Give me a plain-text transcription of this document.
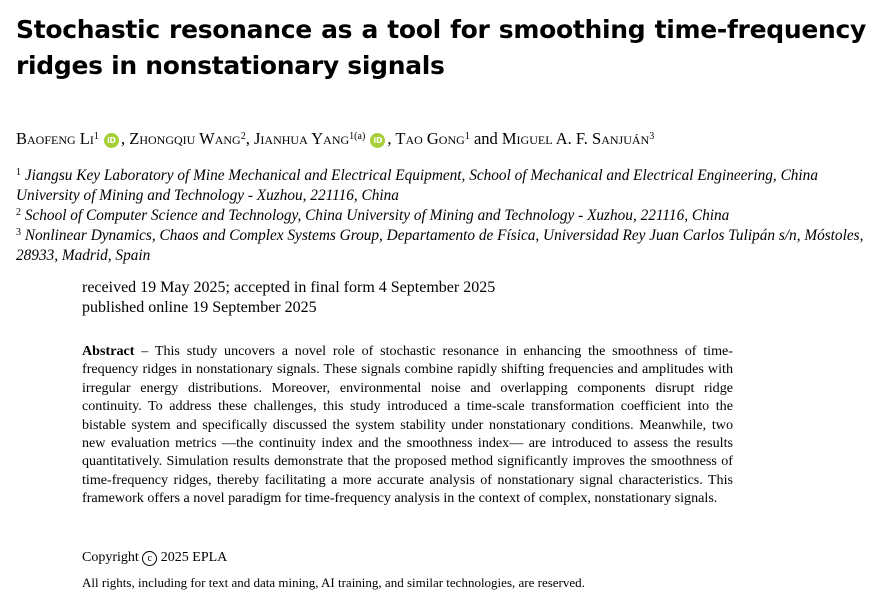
Stochastic resonance as a tool for smoothing time-frequency ridges in nonstationary signals
Baofeng Li$^1$ iD , Zhongqiu Wang$^2$, Jianhua Yang$^{1(a)}$ iD , Tao Gong$^1$ and Miguel A. F. Sanjuán$^3$
$^1$ Jiangsu Key Laboratory of Mine Mechanical and Electrical Equipment, School of Mechanical and Electrical Engineering, China University of Mining and Technology - Xuzhou, 221116, China
$^2$ School of Computer Science and Technology, China University of Mining and Technology - Xuzhou, 221116, China
$^3$ Nonlinear Dynamics, Chaos and Complex Systems Group, Departamento de Física, Universidad Rey Juan Carlos Tulipán s/n, Móstoles, 28933, Madrid, Spain
received 19 May 2025; accepted in final form 4 September 2025
published online 19 September 2025
Abstract – This study uncovers a novel role of stochastic resonance in enhancing the smoothness of time-frequency ridges in nonstationary signals. These signals combine rapidly shifting frequencies and amplitudes with irregular energy distributions. Moreover, environmental noise and overlapping components disrupt ridge continuity. To address these challenges, this study introduced a time-scale transformation coefficient into the bistable system and specifically discussed the system stability under nonstationary conditions. Meanwhile, two new evaluation metrics —the continuity index and the smoothness index— are introduced to assess the results quantitatively. Simulation results demonstrate that the proposed method significantly improves the smoothness of time-frequency ridges, thereby facilitating a more accurate analysis of nonstationary signal characteristics. This framework offers a novel paradigm for time-frequency analysis in the context of complex, nonstationary signals.
Copyright c 2025 EPLA
All rights, including for text and data mining, AI training, and similar technologies, are reserved.
